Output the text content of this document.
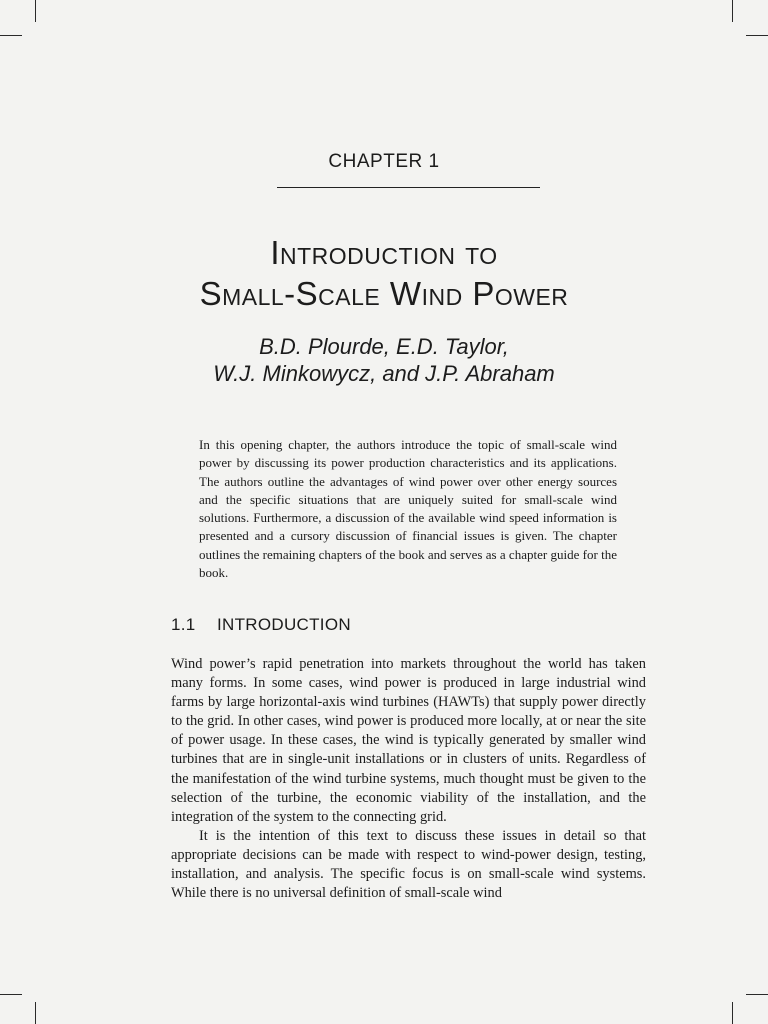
CHAPTER 1
Introduction to
Small-Scale Wind Power
B.D. Plourde, E.D. Taylor,
W.J. Minkowycz, and J.P. Abraham
In this opening chapter, the authors introduce the topic of small-scale wind power by discussing its power production characteristics and its applications. The authors outline the advantages of wind power over other energy sources and the specific situations that are uniquely suited for small-scale wind solutions. Furthermore, a discussion of the available wind speed information is presented and a cursory discussion of financial issues is given. The chapter outlines the remaining chapters of the book and serves as a chapter guide for the book.
1.1 INTRODUCTION

Wind power’s rapid penetration into markets throughout the world has taken many forms. In some cases, wind power is produced in large industrial wind farms by large horizontal-axis wind turbines (HAWTs) that supply power directly to the grid. In other cases, wind power is produced more locally, at or near the site of power usage. In these cases, the wind is typically generated by smaller wind turbines that are in single-unit installations or in clusters of units. Regardless of the manifestation of the wind turbine systems, much thought must be given to the selection of the turbine, the economic viability of the installation, and the integration of the system to the connecting grid.

It is the intention of this text to discuss these issues in detail so that appropriate decisions can be made with respect to wind-power design, testing, installation, and analysis. The specific focus is on small-scale wind systems. While there is no universal definition of small-scale wind
